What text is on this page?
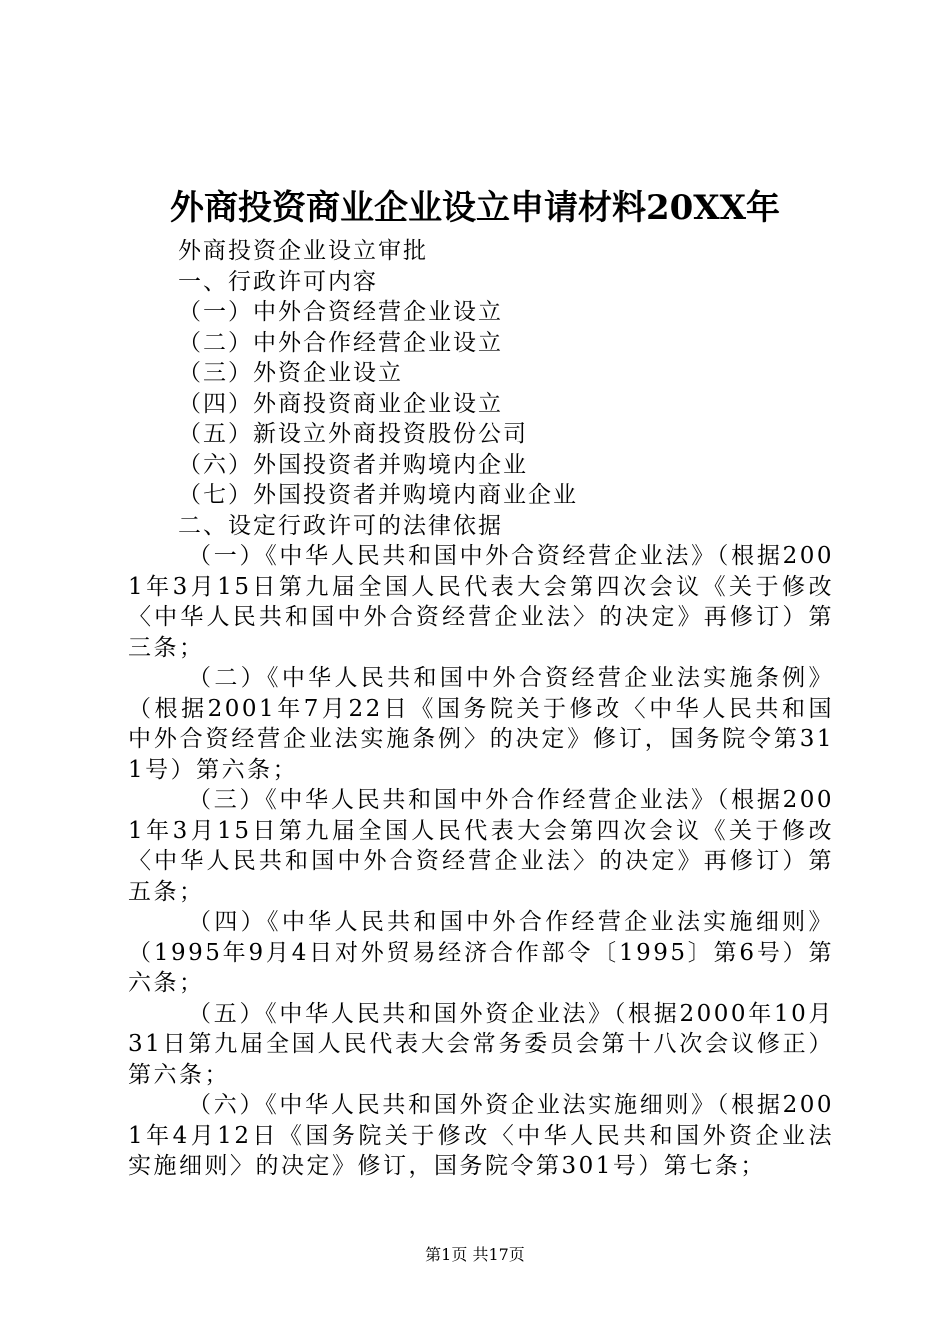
外商投资商业企业设立申请材料20XX年

外商投资企业设立审批

一、行政许可内容

（一）中外合资经营企业设立

（二）中外合作经营企业设立

（三）外资企业设立

（四）外商投资商业企业设立

（五）新设立外商投资股份公司

（六）外国投资者并购境内企业

（七）外国投资者并购境内商业企业

二、设定行政许可的法律依据

（一）《中华人民共和国中外合资经营企业法》（根据2001年3月15日第九届全国人民代表大会第四次会议《关于修改〈中华人民共和国中外合资经营企业法〉的决定》再修订）第三条；

（二）《中华人民共和国中外合资经营企业法实施条例》（根据2001年7月22日《国务院关于修改〈中华人民共和国中外合资经营企业法实施条例〉的决定》修订，国务院令第311号）第六条；

（三）《中华人民共和国中外合作经营企业法》（根据2001年3月15日第九届全国人民代表大会第四次会议《关于修改〈中华人民共和国中外合资经营企业法〉的决定》再修订）第五条；

（四）《中华人民共和国中外合作经营企业法实施细则》（1995年9月4日对外贸易经济合作部令〔1995〕第6号）第六条；

（五）《中华人民共和国外资企业法》（根据2000年10月31日第九届全国人民代表大会常务委员会第十八次会议修正）第六条；

（六）《中华人民共和国外资企业法实施细则》（根据2001年4月12日《国务院关于修改〈中华人民共和国外资企业法实施细则〉的决定》修订，国务院令第301号）第七条；

第1页 共17页
